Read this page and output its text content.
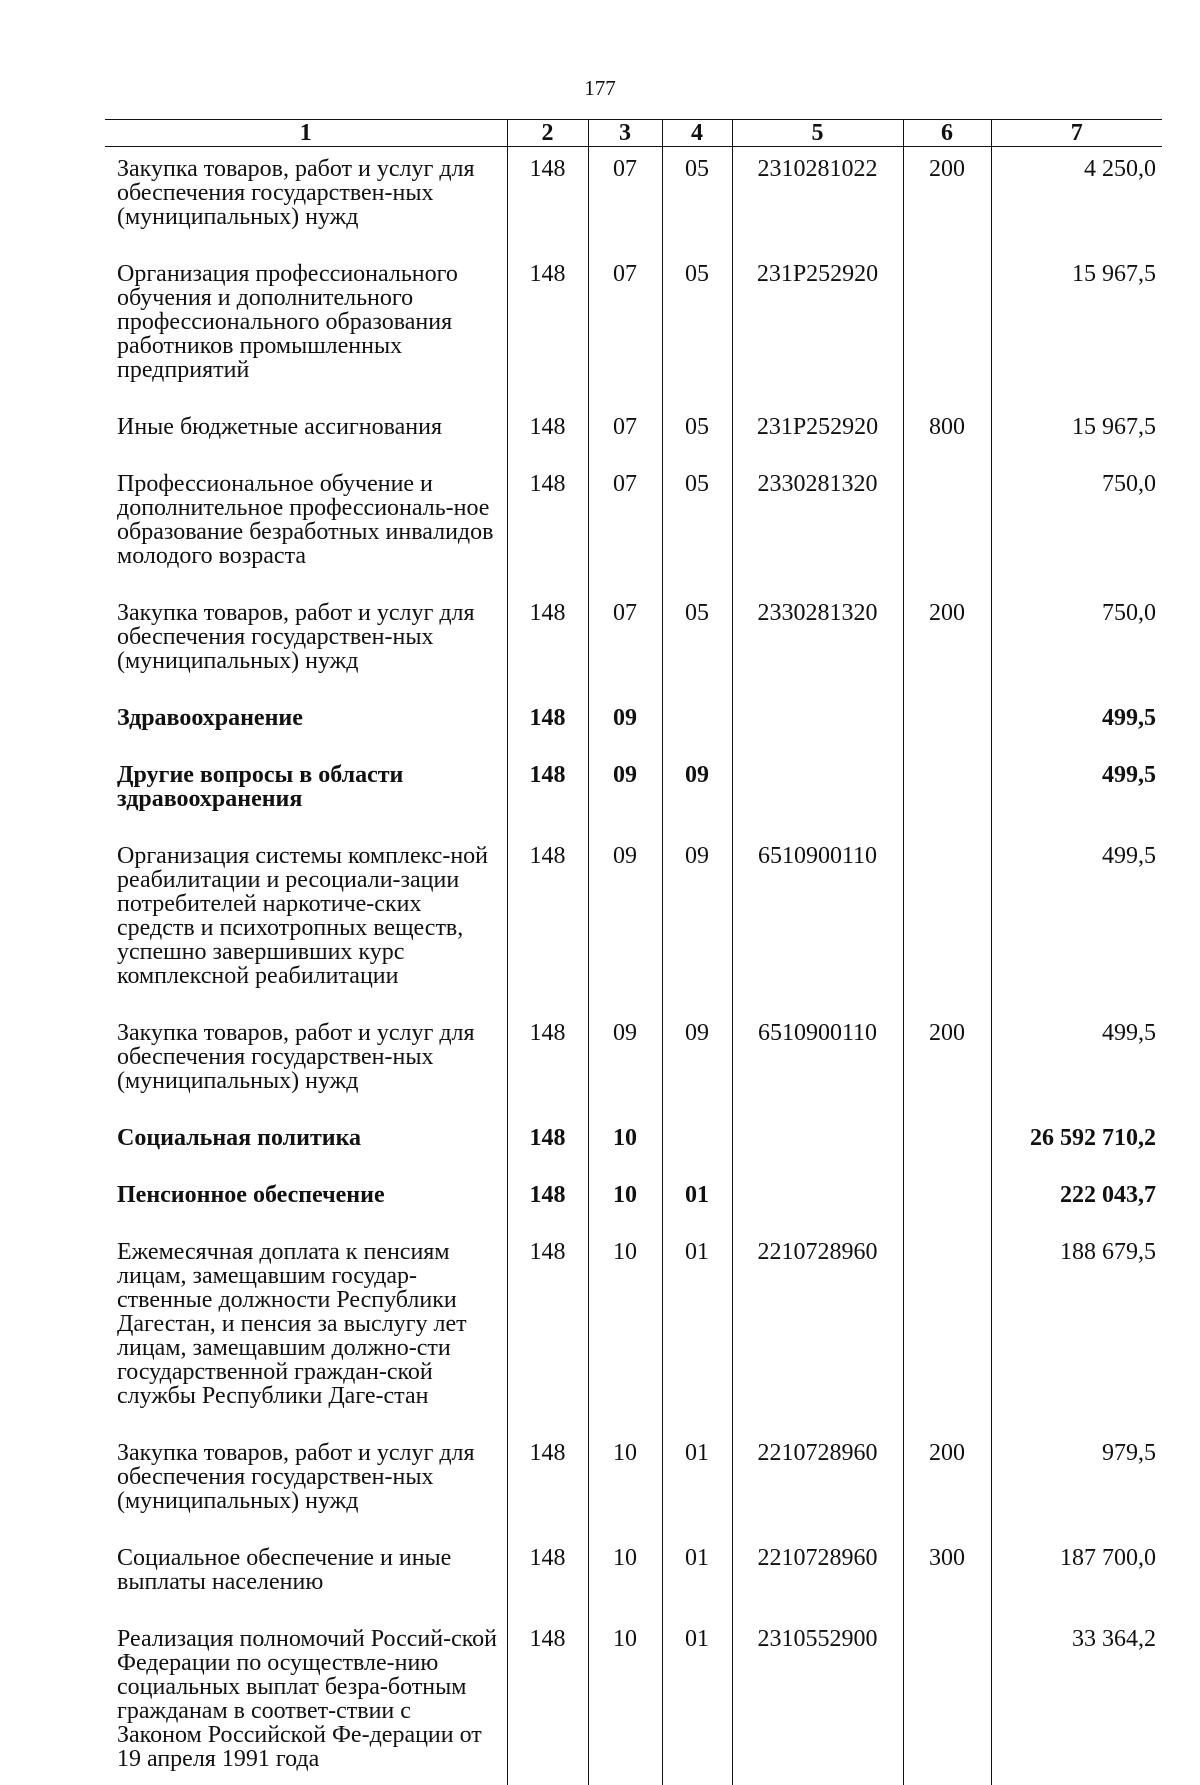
177
1	2	3	4	5	6	7
Закупка товаров, работ и услуг для обеспечения государствен-ных (муниципальных) нужд	148	07	05	2310281022	200	4 250,0
Организация профессионального обучения и дополнительного профессионального образования работников промышленных предприятий	148	07	05	231P252920		15 967,5
Иные бюджетные ассигнования	148	07	05	231P252920	800	15 967,5
Профессиональное обучение и дополнительное профессиональ-ное образование безработных инвалидов молодого возраста	148	07	05	2330281320		750,0
Закупка товаров, работ и услуг для обеспечения государствен-ных (муниципальных) нужд	148	07	05	2330281320	200	750,0
Здравоохранение	148	09				499,5
Другие вопросы в области здравоохранения	148	09	09			499,5
Организация системы комплекс-ной реабилитации и ресоциали-зации потребителей наркотиче-ских средств и психотропных веществ, успешно завершивших курс комплексной реабилитации	148	09	09	6510900110		499,5
Закупка товаров, работ и услуг для обеспечения государствен-ных (муниципальных) нужд	148	09	09	6510900110	200	499,5
Социальная политика	148	10				26 592 710,2
Пенсионное обеспечение	148	10	01			222 043,7
Ежемесячная доплата к пенсиям лицам, замещавшим государ-ственные должности Республики Дагестан, и пенсия за выслугу лет лицам, замещавшим должно-сти государственной граждан-ской службы Республики Даге-стан	148	10	01	2210728960		188 679,5
Закупка товаров, работ и услуг для обеспечения государствен-ных (муниципальных) нужд	148	10	01	2210728960	200	979,5
Социальное обеспечение и иные выплаты населению	148	10	01	2210728960	300	187 700,0
Реализация полномочий Россий-ской Федерации по осуществле-нию социальных выплат безра-ботным гражданам в соответ-ствии с Законом Российской Фе-дерации от 19 апреля 1991 года	148	10	01	2310552900		33 364,2
